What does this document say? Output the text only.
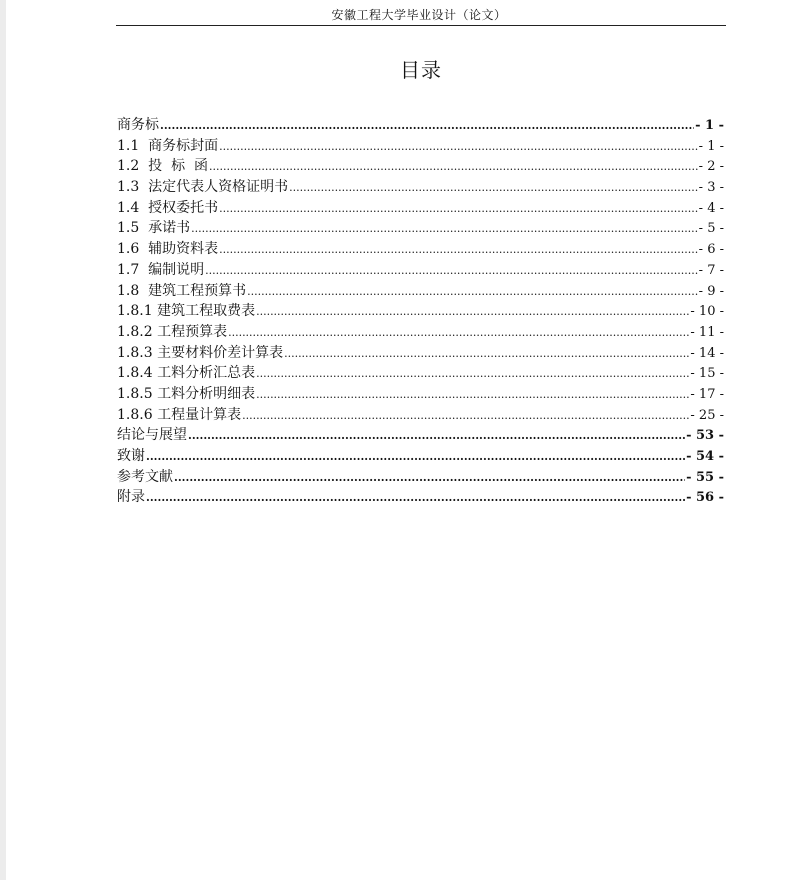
安徽工程大学毕业设计（论文）
目录
商务标 .....	- 1 -
1.1  商务标封面 .....	- 1 -
1.2  投  标  函 .....	- 2 -
1.3  法定代表人资格证明书 .....	- 3 -
1.4  授权委托书 .....	- 4 -
1.5  承诺书 .....	- 5 -
1.6  辅助资料表 .....	- 6 -
1.7  编制说明 .....	- 7 -
1.8  建筑工程预算书 .....	- 9 -
1.8.1 建筑工程取费表 .....	- 10 -
1.8.2 工程预算表 .....	- 11 -
1.8.3 主要材料价差计算表 .....	- 14 -
1.8.4 工料分析汇总表 .....	- 15 -
1.8.5 工料分析明细表 .....	- 17 -
1.8.6 工程量计算表 .....	- 25 -
结论与展望 .....	- 53 -
致谢 .....	- 54 -
参考文献 .....	- 55 -
附录 .....	- 56 -
